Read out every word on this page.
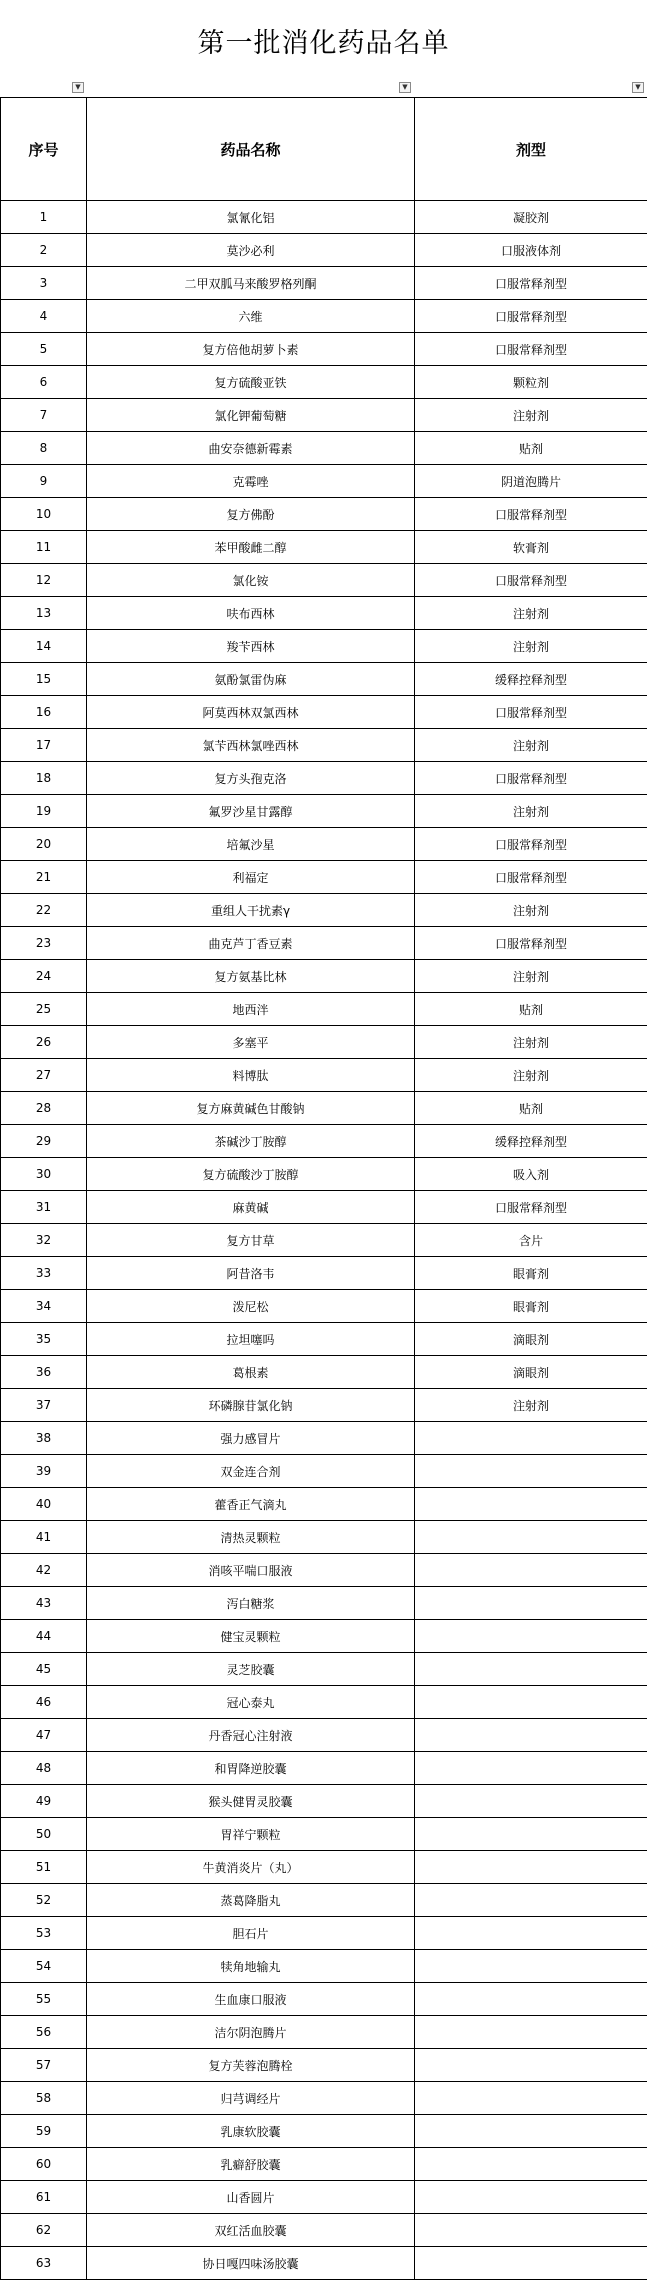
第一批消化药品名单
▼	▼	▼
序号	药品名称	剂型
1	氯氰化铝	凝胶剂
2	莫沙必利	口服液体剂
3	二甲双胍马来酸罗格列酮	口服常释剂型
4	六维	口服常释剂型
5	复方倍他胡萝卜素	口服常释剂型
6	复方硫酸亚铁	颗粒剂
7	氯化钾葡萄糖	注射剂
8	曲安奈德新霉素	贴剂
9	克霉唑	阴道泡腾片
10	复方佛酚	口服常释剂型
11	苯甲酸雌二醇	软膏剂
12	氯化铵	口服常释剂型
13	呋布西林	注射剂
14	羧苄西林	注射剂
15	氨酚氯雷伪麻	缓释控释剂型
16	阿莫西林双氯西林	口服常释剂型
17	氯苄西林氯唑西林	注射剂
18	复方头孢克洛	口服常释剂型
19	氟罗沙星甘露醇	注射剂
20	培氟沙星	口服常释剂型
21	利福定	口服常释剂型
22	重组人干扰素γ	注射剂
23	曲克芦丁香豆素	口服常释剂型
24	复方氨基比林	注射剂
25	地西泮	贴剂
26	多塞平	注射剂
27	料博肽	注射剂
28	复方麻黄碱色甘酸钠	贴剂
29	茶碱沙丁胺醇	缓释控释剂型
30	复方硫酸沙丁胺醇	吸入剂
31	麻黄碱	口服常释剂型
32	复方甘草	含片
33	阿昔洛韦	眼膏剂
34	泼尼松	眼膏剂
35	拉坦噻吗	滴眼剂
36	葛根素	滴眼剂
37	环磷腺苷氯化钠	注射剂
38	强力感冒片	
39	双金连合剂	
40	藿香正气滴丸	
41	清热灵颗粒	
42	消咳平喘口服液	
43	泻白糖浆	
44	健宝灵颗粒	
45	灵芝胶囊	
46	冠心泰丸	
47	丹香冠心注射液	
48	和胃降逆胶囊	
49	猴头健胃灵胶囊	
50	胃祥宁颗粒	
51	牛黄消炎片（丸）	
52	蒸葛降脂丸	
53	胆石片	
54	犊角地输丸	
55	生血康口服液	
56	洁尔阴泡腾片	
57	复方芙蓉泡腾栓	
58	归芎调经片	
59	乳康软胶囊	
60	乳癖舒胶囊	
61	山香圆片	
62	双红活血胶囊	
63	协日嘎四味汤胶囊	
